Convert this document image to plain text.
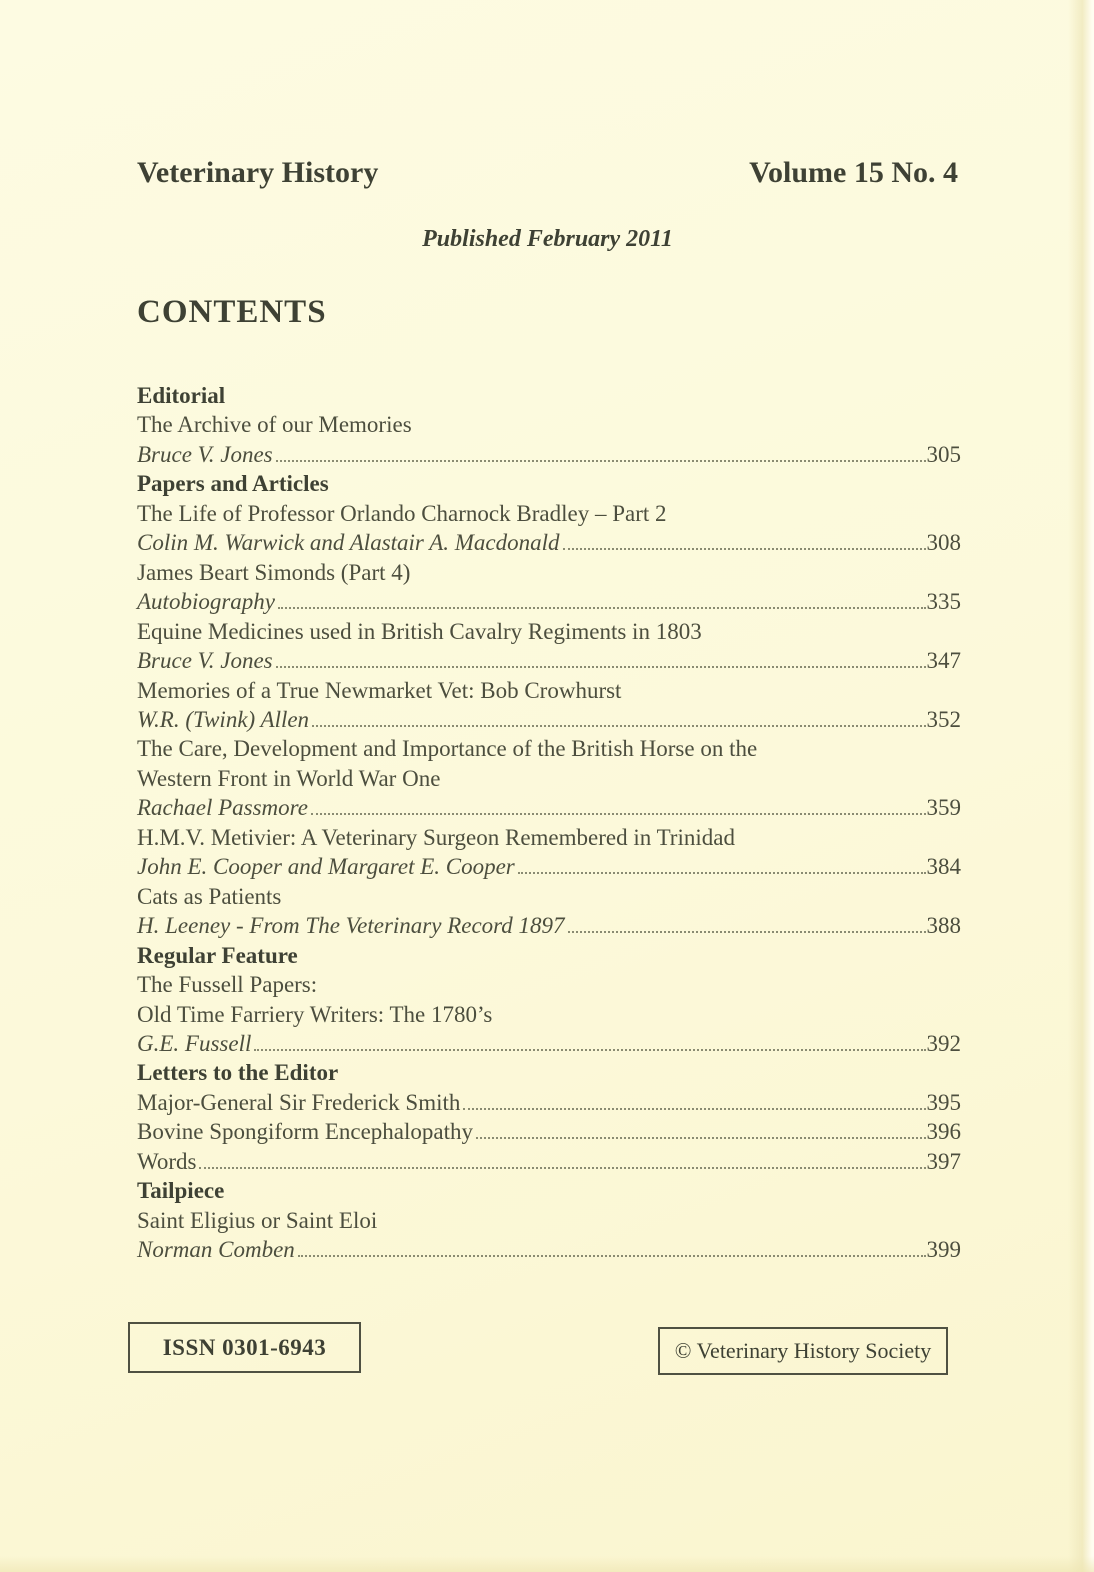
Veterinary History	Volume 15 No. 4
Published February 2011
CONTENTS
Editorial
The Archive of our Memories
Bruce V. Jones	305
Papers and Articles
The Life of Professor Orlando Charnock Bradley – Part 2
Colin M. Warwick and Alastair A. Macdonald	308
James Beart Simonds (Part 4)
Autobiography	335
Equine Medicines used in British Cavalry Regiments in 1803
Bruce V. Jones	347
Memories of a True Newmarket Vet: Bob Crowhurst
W.R. (Twink) Allen	352
The Care, Development and Importance of the British Horse on the
Western Front in World War One
Rachael Passmore	359
H.M.V. Metivier: A Veterinary Surgeon Remembered in Trinidad
John E. Cooper and Margaret E. Cooper	384
Cats as Patients
H. Leeney - From The Veterinary Record 1897	388
Regular Feature
The Fussell Papers:
Old Time Farriery Writers: The 1780’s
G.E. Fussell	392
Letters to the Editor
Major-General Sir Frederick Smith	395
Bovine Spongiform Encephalopathy	396
Words	397
Tailpiece
Saint Eligius or Saint Eloi
Norman Comben	399
ISSN 0301-6943	© Veterinary History Society
